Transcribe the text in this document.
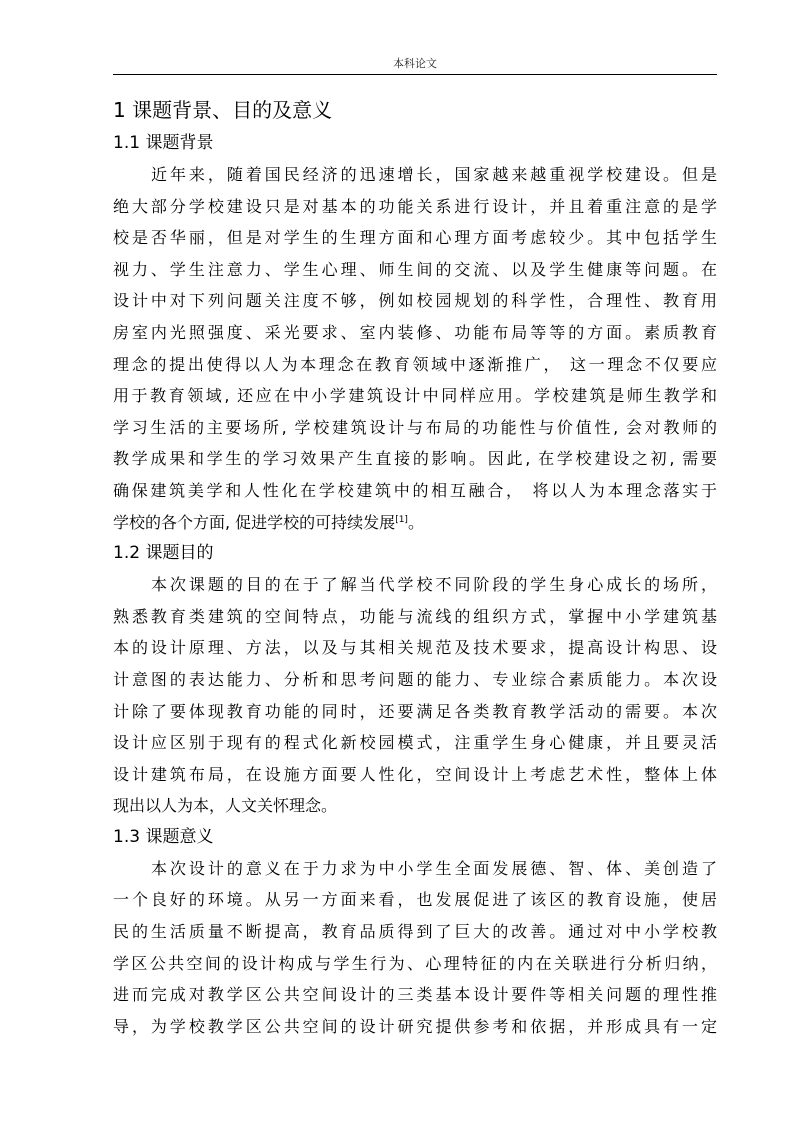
本科论文
1 课题背景、目的及意义
1.1 课题背景
近年来，随着国民经济的迅速增长，国家越来越重视学校建设。但是
绝大部分学校建设只是对基本的功能关系进行设计，并且着重注意的是学
校是否华丽，但是对学生的生理方面和心理方面考虑较少。其中包括学生
视力、学生注意力、学生心理、师生间的交流、以及学生健康等问题。在
设计中对下列问题关注度不够，例如校园规划的科学性，合理性、教育用
房室内光照强度、采光要求、室内装修、功能布局等等的方面。素质教育
理念的提出使得以人为本理念在教育领域中逐渐推广， 这一理念不仅要应
用于教育领域, 还应在中小学建筑设计中同样应用。学校建筑是师生教学和
学习生活的主要场所, 学校建筑设计与布局的功能性与价值性, 会对教师的
教学成果和学生的学习效果产生直接的影响。因此, 在学校建设之初, 需要
确保建筑美学和人性化在学校建筑中的相互融合， 将以人为本理念落实于
学校的各个方面, 促进学校的可持续发展[1]。
1.2 课题目的
本次课题的目的在于了解当代学校不同阶段的学生身心成长的场所，
熟悉教育类建筑的空间特点，功能与流线的组织方式，掌握中小学建筑基
本的设计原理、方法，以及与其相关规范及技术要求，提高设计构思、设
计意图的表达能力、分析和思考问题的能力、专业综合素质能力。本次设
计除了要体现教育功能的同时，还要满足各类教育教学活动的需要。本次
设计应区别于现有的程式化新校园模式，注重学生身心健康，并且要灵活
设计建筑布局，在设施方面要人性化，空间设计上考虑艺术性，整体上体
现出以人为本，人文关怀理念。
1.3 课题意义
本次设计的意义在于力求为中小学生全面发展德、智、体、美创造了
一个良好的环境。从另一方面来看，也发展促进了该区的教育设施，使居
民的生活质量不断提高，教育品质得到了巨大的改善。通过对中小学校教
学区公共空间的设计构成与学生行为、心理特征的内在关联进行分析归纳，
进而完成对教学区公共空间设计的三类基本设计要件等相关问题的理性推
导，为学校教学区公共空间的设计研究提供参考和依据，并形成具有一定
